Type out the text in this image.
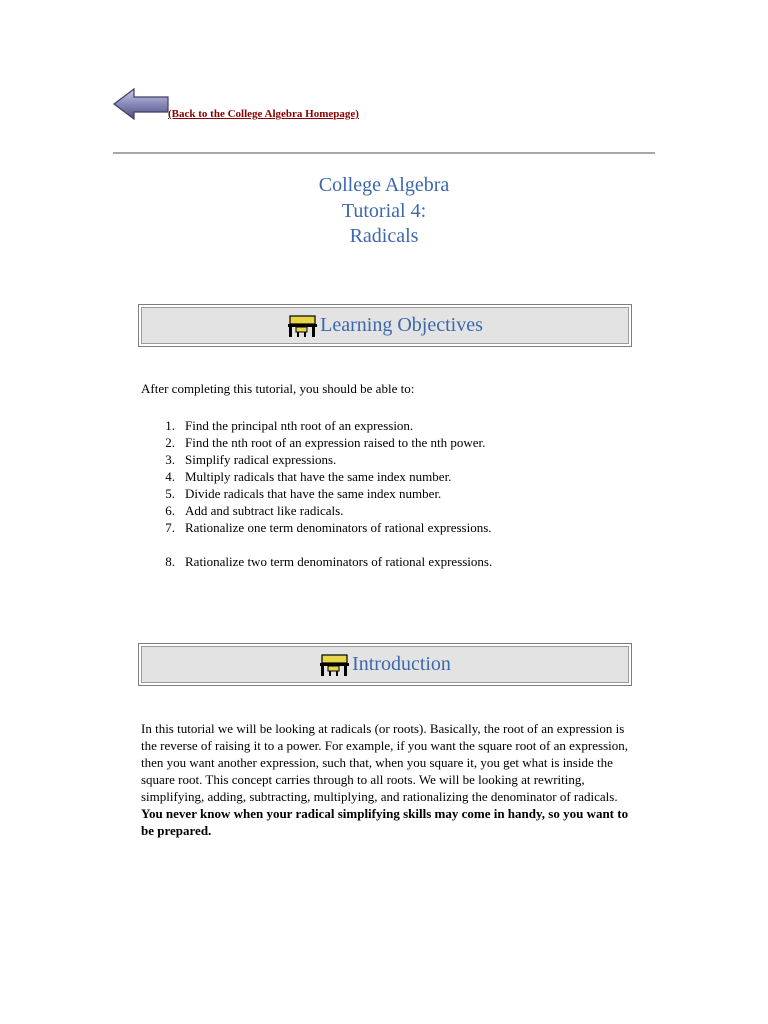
(Back to the College Algebra Homepage)
College Algebra
Tutorial 4:
Radicals
Learning Objectives
After completing this tutorial, you should be able to:
1. Find the principal nth root of an expression.
2. Find the nth root of an expression raised to the nth power.
3. Simplify radical expressions.
4. Multiply radicals that have the same index number.
5. Divide radicals that have the same index number.
6. Add and subtract like radicals.
7. Rationalize one term denominators of rational expressions.
8. Rationalize two term denominators of rational expressions.
Introduction

In this tutorial we will be looking at radicals (or roots). Basically, the root of an expression is the reverse of raising it to a power. For example, if you want the square root of an expression, then you want another expression, such that, when you square it, you get what is inside the square root. This concept carries through to all roots. We will be looking at rewriting, simplifying, adding, subtracting, multiplying, and rationalizing the denominator of radicals.  You never know when your radical simplifying skills may come in handy, so you want to be prepared.
